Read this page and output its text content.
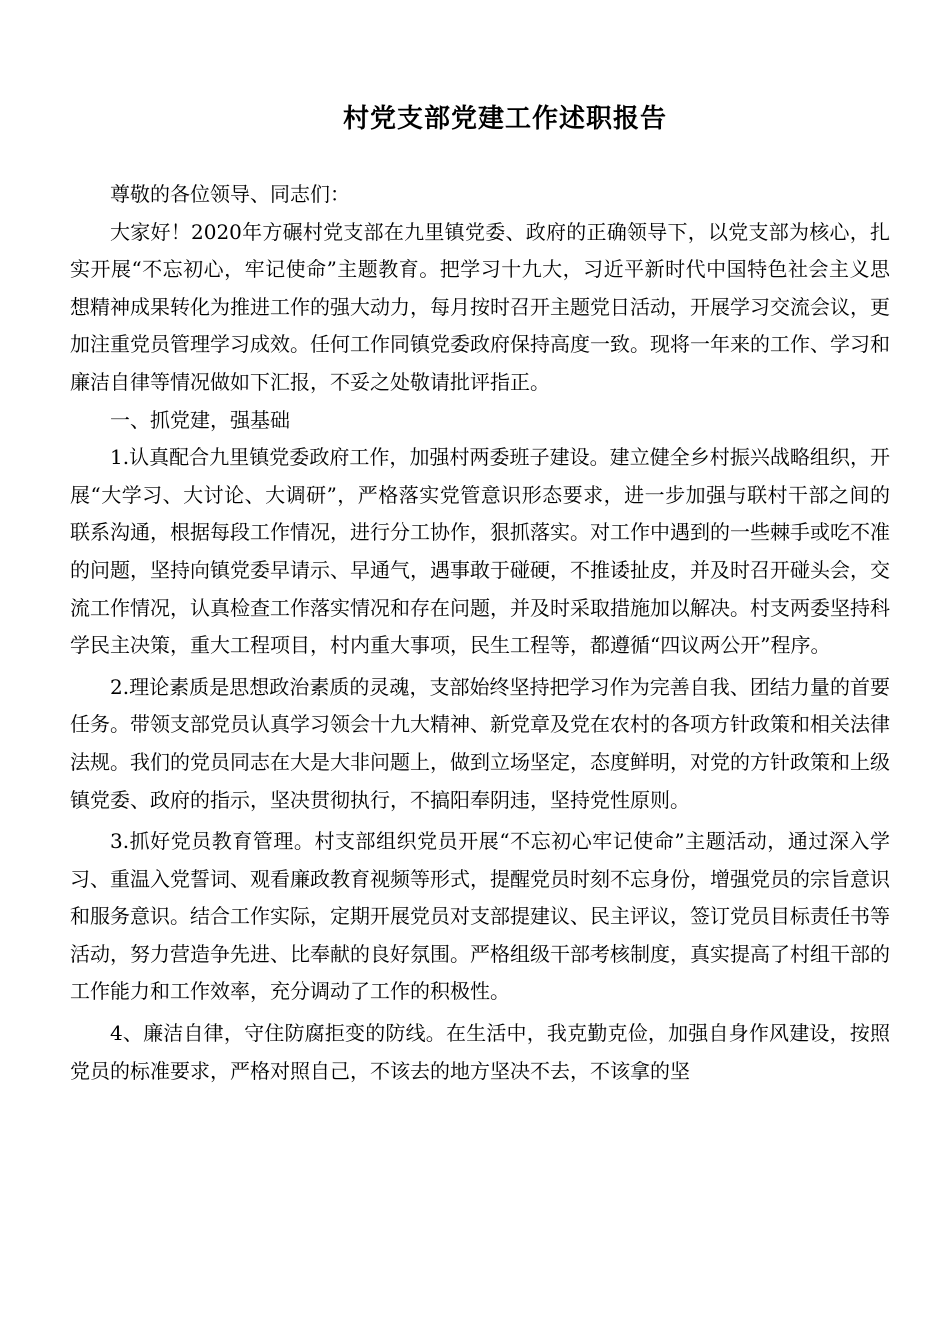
村党支部党建工作述职报告

尊敬的各位领导、同志们：

大家好！2020年方碾村党支部在九里镇党委、政府的正确领导下，以党支部为核心，扎实开展“不忘初心，牢记使命”主题教育。把学习十九大，习近平新时代中国特色社会主义思想精神成果转化为推进工作的强大动力，每月按时召开主题党日活动，开展学习交流会议，更加注重党员管理学习成效。任何工作同镇党委政府保持高度一致。现将一年来的工作、学习和廉洁自律等情况做如下汇报，不妥之处敬请批评指正。

一、抓党建，强基础

1.认真配合九里镇党委政府工作，加强村两委班子建设。建立健全乡村振兴战略组织，开展“大学习、大讨论、大调研”，严格落实党管意识形态要求，进一步加强与联村干部之间的联系沟通，根据每段工作情况，进行分工协作，狠抓落实。对工作中遇到的一些棘手或吃不准的问题，坚持向镇党委早请示、早通气，遇事敢于碰硬，不推诿扯皮，并及时召开碰头会，交流工作情况，认真检查工作落实情况和存在问题，并及时采取措施加以解决。村支两委坚持科学民主决策，重大工程项目，村内重大事项，民生工程等，都遵循“四议两公开”程序。

2.理论素质是思想政治素质的灵魂，支部始终坚持把学习作为完善自我、团结力量的首要任务。带领支部党员认真学习领会十九大精神、新党章及党在农村的各项方针政策和相关法律法规。我们的党员同志在大是大非问题上，做到立场坚定，态度鲜明，对党的方针政策和上级镇党委、政府的指示，坚决贯彻执行，不搞阳奉阴违，坚持党性原则。

3.抓好党员教育管理。村支部组织党员开展“不忘初心牢记使命”主题活动，通过深入学习、重温入党誓词、观看廉政教育视频等形式，提醒党员时刻不忘身份，增强党员的宗旨意识和服务意识。结合工作实际，定期开展党员对支部提建议、民主评议，签订党员目标责任书等活动，努力营造争先进、比奉献的良好氛围。严格组级干部考核制度，真实提高了村组干部的工作能力和工作效率，充分调动了工作的积极性。

4、廉洁自律，守住防腐拒变的防线。在生活中，我克勤克俭，加强自身作风建设，按照党员的标准要求，严格对照自己，不该去的地方坚决不去，不该拿的坚
